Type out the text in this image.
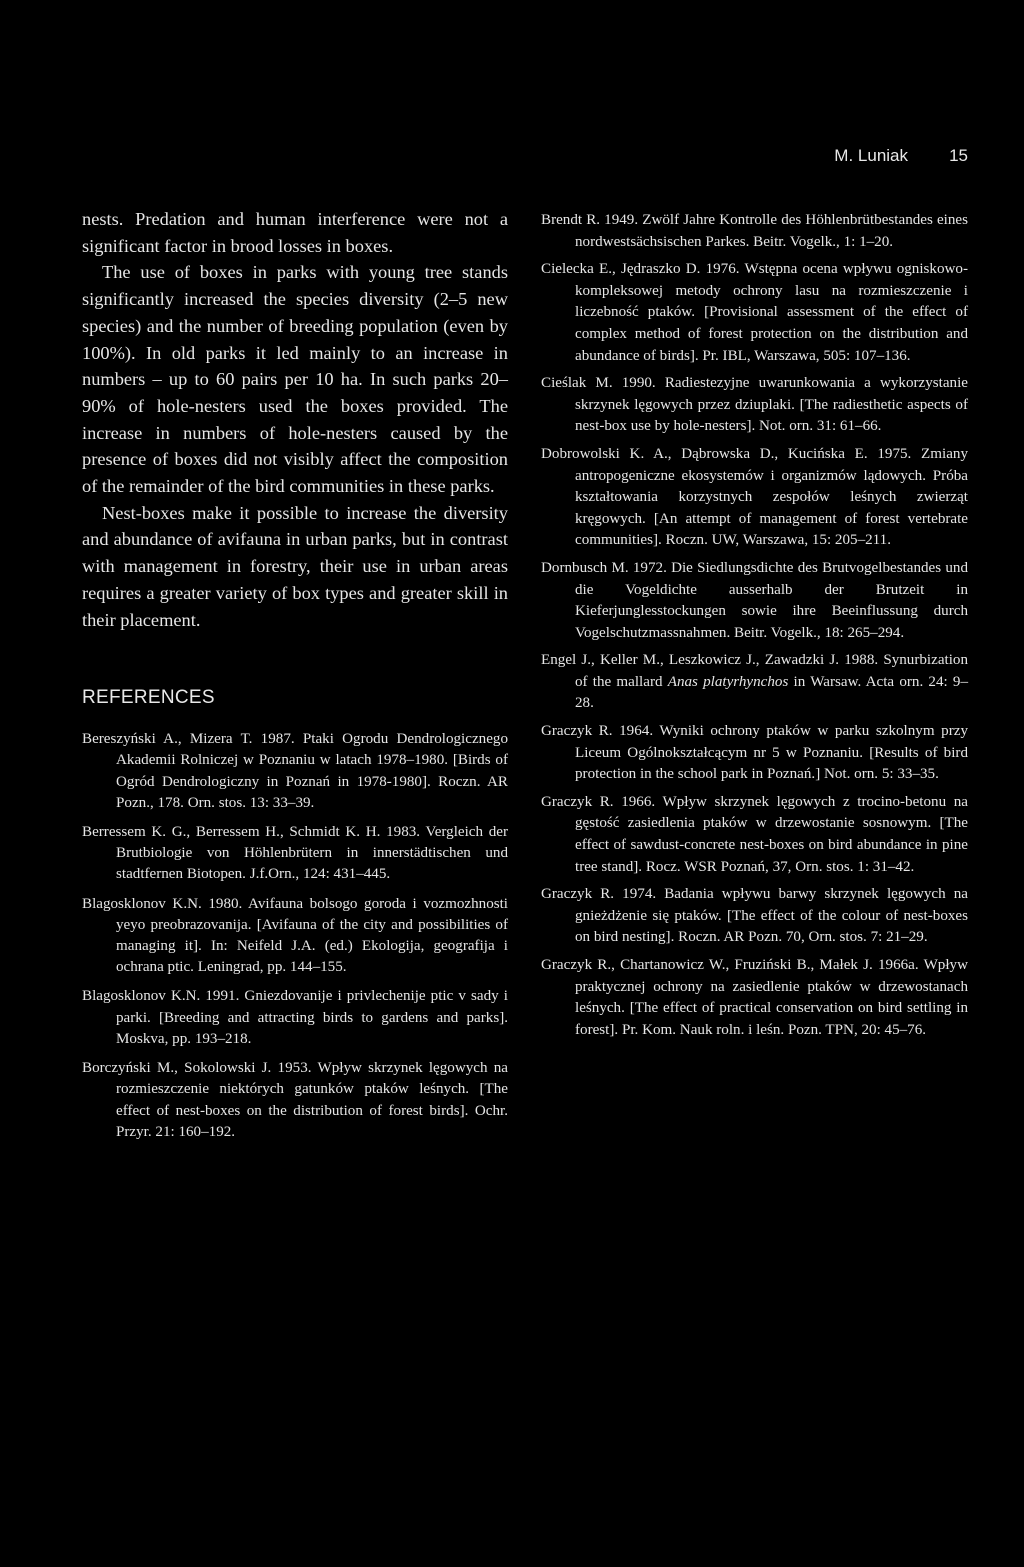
M. Luniak 15

nests. Predation and human interference were not a significant factor in brood losses in boxes.

The use of boxes in parks with young tree stands significantly increased the species diversity (2–5 new species) and the number of breeding population (even by 100%). In old parks it led mainly to an increase in numbers – up to 60 pairs per 10 ha. In such parks 20–90% of hole-nesters used the boxes provided. The increase in numbers of hole-nesters caused by the presence of boxes did not visibly affect the composition of the remainder of the bird communities in these parks.

Nest-boxes make it possible to increase the diversity and abundance of avifauna in urban parks, but in contrast with management in forestry, their use in urban areas requires a greater variety of box types and greater skill in their placement.

REFERENCES

Bereszyński A., Mizera T. 1987. Ptaki Ogrodu Dendrologicznego Akademii Rolniczej w Poznaniu w latach 1978–1980. [Birds of Ogród Dendrologiczny in Poznań in 1978-1980]. Roczn. AR Pozn., 178. Orn. stos. 13: 33–39.

Berressem K. G., Berressem H., Schmidt K. H. 1983. Vergleich der Brutbiologie von Höhlenbrütern in innerstädtischen und stadtfernen Biotopen. J.f.Orn., 124: 431–445.

Blagosklonov K.N. 1980. Avifauna bolsogo goroda i vozmozhnosti yeyo preobrazovanija. [Avifauna of the city and possibilities of managing it]. In: Neifeld J.A. (ed.) Ekologija, geografija i ochrana ptic. Leningrad, pp. 144–155.

Blagosklonov K.N. 1991. Gniezdovanije i privlechenije ptic v sady i parki. [Breeding and attracting birds to gardens and parks]. Moskva, pp. 193–218.

Borczyński M., Sokolowski J. 1953. Wpływ skrzynek lęgowych na rozmieszczenie niektórych gatunków ptaków leśnych. [The effect of nest-boxes on the distribution of forest birds]. Ochr. Przyr. 21: 160–192.

Brendt R. 1949. Zwölf Jahre Kontrolle des Höhlenbrütbestandes eines nordwestsächsischen Parkes. Beitr. Vogelk., 1: 1–20.

Cielecka E., Jędraszko D. 1976. Wstępna ocena wpływu ogniskowo-kompleksowej metody ochrony lasu na rozmieszczenie i liczebność ptaków. [Provisional assessment of the effect of complex method of forest protection on the distribution and abundance of birds]. Pr. IBL, Warszawa, 505: 107–136.

Cieślak M. 1990. Radiestezyjne uwarunkowania a wykorzystanie skrzynek lęgowych przez dziuplaki. [The radiesthetic aspects of nest-box use by hole-nesters]. Not. orn. 31: 61–66.

Dobrowolski K. A., Dąbrowska D., Kucińska E. 1975. Zmiany antropogeniczne ekosystemów i organizmów lądowych. Próba kształtowania korzystnych zespołów leśnych zwierząt kręgowych. [An attempt of management of forest vertebrate communities]. Roczn. UW, Warszawa, 15: 205–211.

Dornbusch M. 1972. Die Siedlungsdichte des Brutvogelbestandes und die Vogeldichte ausserhalb der Brutzeit in Kieferjunglesstockungen sowie ihre Beeinflussung durch Vogelschutzmassnahmen. Beitr. Vogelk., 18: 265–294.

Engel J., Keller M., Leszkowicz J., Zawadzki J. 1988. Synurbization of the mallard Anas platyrhynchos in Warsaw. Acta orn. 24: 9–28.

Graczyk R. 1964. Wyniki ochrony ptaków w parku szkolnym przy Liceum Ogólnokształcącym nr 5 w Poznaniu. [Results of bird protection in the school park in Poznań.] Not. orn. 5: 33–35.

Graczyk R. 1966. Wpływ skrzynek lęgowych z trocino-betonu na gęstość zasiedlenia ptaków w drzewostanie sosnowym. [The effect of sawdust-concrete nest-boxes on bird abundance in pine tree stand]. Rocz. WSR Poznań, 37, Orn. stos. 1: 31–42.

Graczyk R. 1974. Badania wpływu barwy skrzynek lęgowych na gnieżdżenie się ptaków. [The effect of the colour of nest-boxes on bird nesting]. Roczn. AR Pozn. 70, Orn. stos. 7: 21–29.

Graczyk R., Chartanowicz W., Fruziński B., Małek J. 1966a. Wpływ praktycznej ochrony na zasiedlenie ptaków w drzewostanach leśnych. [The effect of practical conservation on bird settling in forest]. Pr. Kom. Nauk roln. i leśn. Pozn. TPN, 20: 45–76.
